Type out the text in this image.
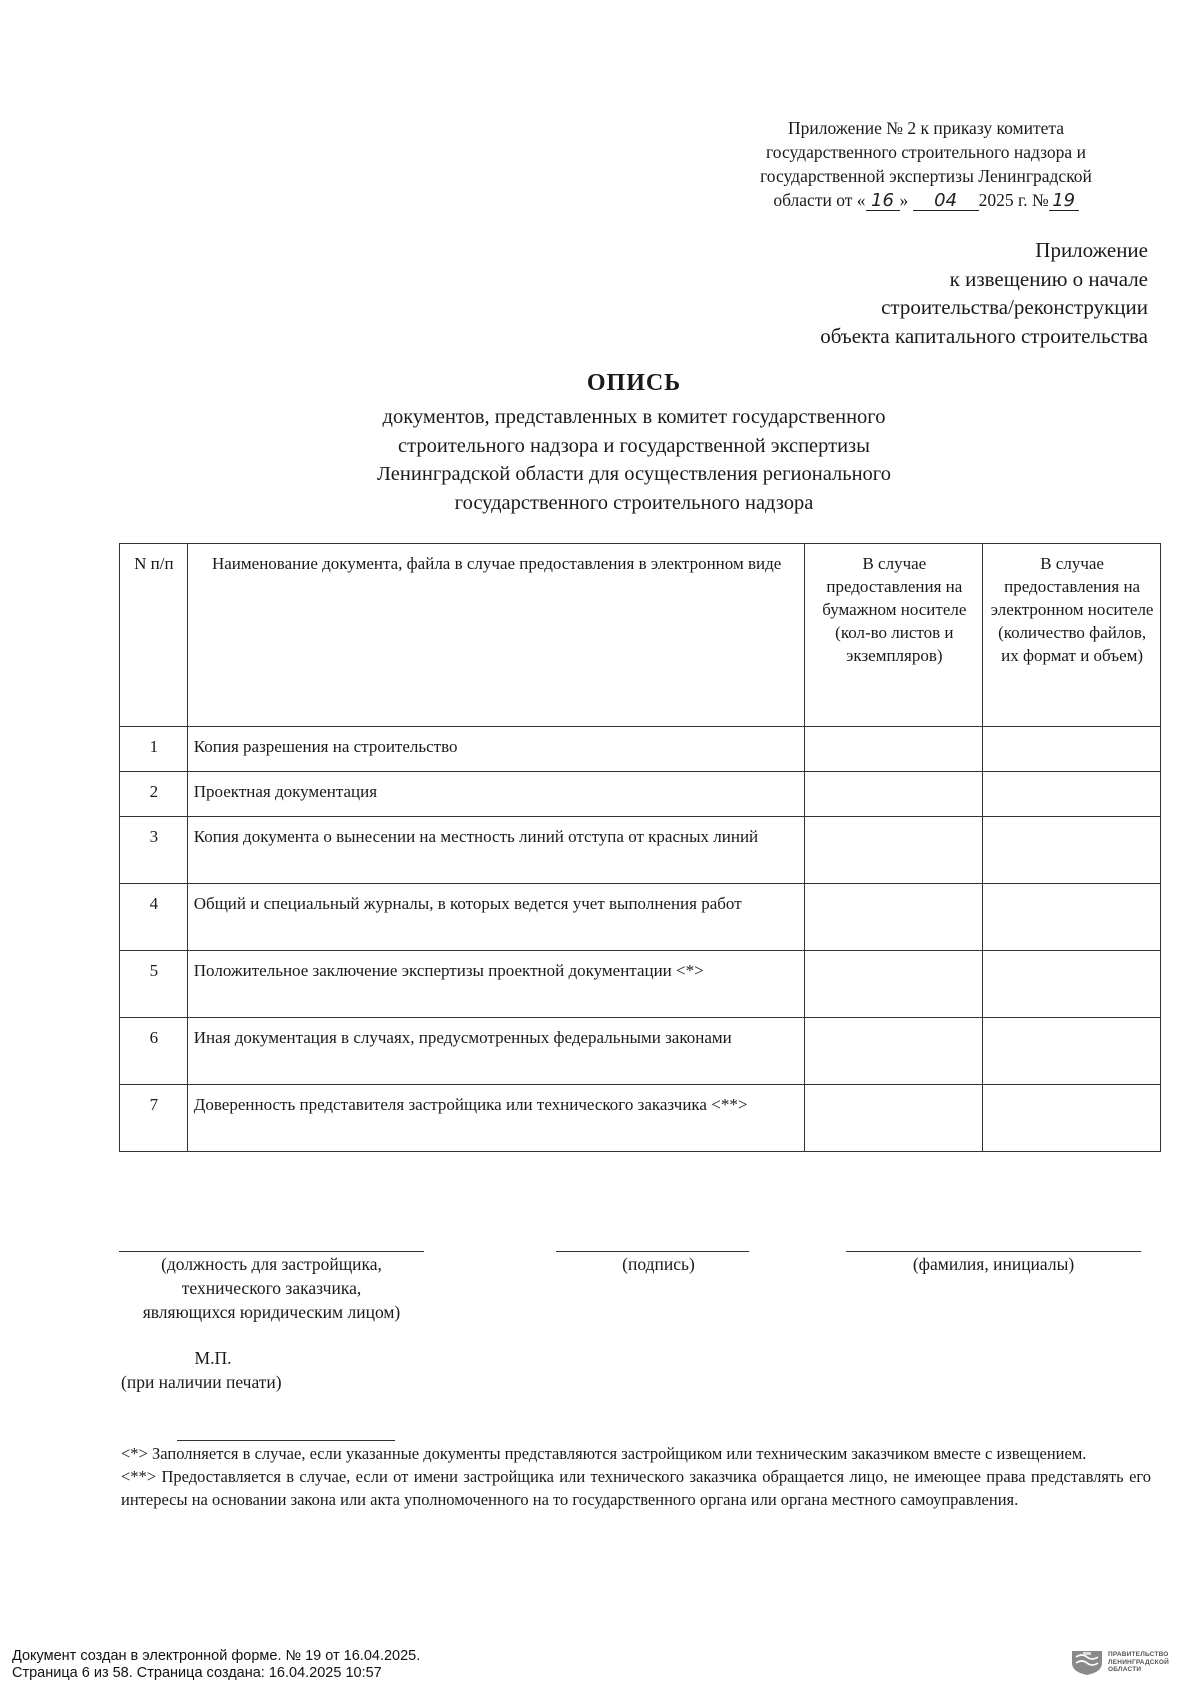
Приложение № 2 к приказу комитета
государственного строительного надзора и
государственной экспертизы Ленинградской
области от « 16 » 04 2025 г. № 19
Приложение
к извещению о начале
строительства/реконструкции
объекта капитального строительства
ОПИСЬ
документов, представленных в комитет государственного
строительного надзора и государственной экспертизы
Ленинградской области для осуществления регионального
государственного строительного надзора
N п/п	Наименование документа, файла в случае предоставления в электронном виде	В случае предоставления на бумажном носителе (кол-во листов и экземпляров)	В случае предоставления на электронном носителе (количество файлов, их формат и объем)
1	Копия разрешения на строительство		
2	Проектная документация		
3	Копия документа о вынесении на местность линий отступа от красных линий		
4	Общий и специальный журналы, в которых ведется учет выполнения работ		
5	Положительное заключение экспертизы проектной документации <*>		
6	Иная документация в случаях, предусмотренных федеральными законами		
7	Доверенность представителя застройщика или технического заказчика <**>		
(должность для застройщика,
технического заказчика,
являющихся юридическим лицом)
(подпись)	(фамилия, инициалы)
М.П.
(при наличии печати)

<*> Заполняется в случае, если указанные документы представляются застройщиком или техническим заказчиком вместе с извещением.

<**> Предоставляется в случае, если от имени застройщика или технического заказчика обращается лицо, не имеющее права представлять его интересы на основании закона или акта уполномоченного на то государственного органа или органа местного самоуправления.

Документ создан в электронной форме. № 19 от 16.04.2025.
Страница 6 из 58. Страница создана: 16.04.2025 10:57
ПРАВИТЕЛЬСТВО
ЛЕНИНГРАДСКОЙ
ОБЛАСТИ
